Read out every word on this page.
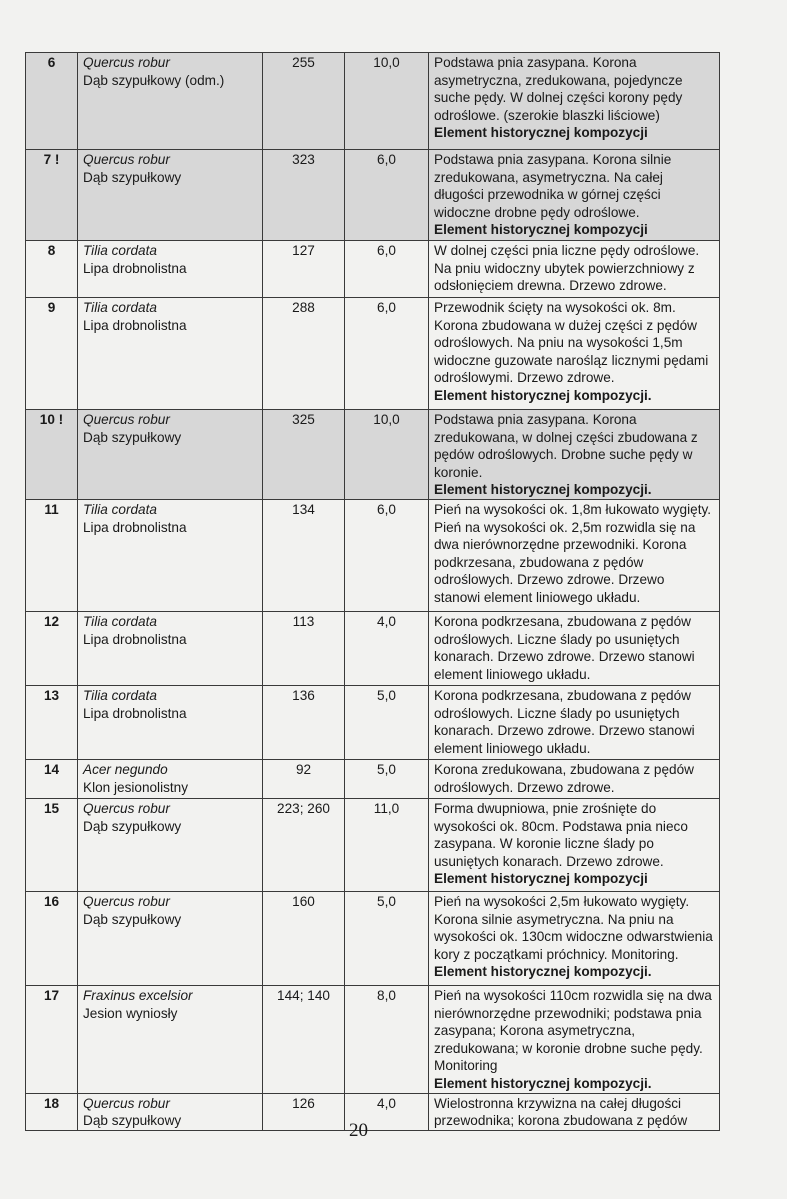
6	Quercus robur
Dąb szypułkowy (odm.)	255	10,0	Podstawa pnia zasypana. Korona asymetryczna, zredukowana, pojedyncze suche pędy. W dolnej części korony pędy odroślowe. (szerokie blaszki liściowe)
Element historycznej kompozycji

7 !	Quercus robur
Dąb szypułkowy	323	6,0	Podstawa pnia zasypana. Korona silnie zredukowana, asymetryczna. Na całej długości przewodnika w górnej części widoczne drobne pędy odroślowe.
Element historycznej kompozycji

8	Tilia cordata
Lipa drobnolistna	127	6,0	W dolnej części pnia liczne pędy odroślowe. Na pniu widoczny ubytek powierzchniowy z odsłonięciem drewna. Drzewo zdrowe.

9	Tilia cordata
Lipa drobnolistna	288	6,0	Przewodnik ścięty na wysokości ok. 8m. Korona zbudowana w dużej części z pędów odroślowych. Na pniu na wysokości 1,5m widoczne guzowate narośląz licznymi pędami odroślowymi. Drzewo zdrowe.
Element historycznej kompozycji.

10 !	Quercus robur
Dąb szypułkowy	325	10,0	Podstawa pnia zasypana. Korona zredukowana, w dolnej części zbudowana z pędów odroślowych. Drobne suche pędy w koronie.
Element historycznej kompozycji.

11	Tilia cordata
Lipa drobnolistna	134	6,0	Pień na wysokości ok. 1,8m łukowato wygięty. Pień na wysokości ok. 2,5m rozwidla się na dwa nierównorzędne przewodniki. Korona podkrzesana, zbudowana z pędów odroślowych. Drzewo zdrowe. Drzewo stanowi element liniowego układu.

12	Tilia cordata
Lipa drobnolistna	113	4,0	Korona podkrzesana, zbudowana z pędów odroślowych. Liczne ślady po usuniętych konarach. Drzewo zdrowe. Drzewo stanowi element liniowego układu.

13	Tilia cordata
Lipa drobnolistna	136	5,0	Korona podkrzesana, zbudowana z pędów odroślowych. Liczne ślady po usuniętych konarach. Drzewo zdrowe. Drzewo stanowi element liniowego układu.

14	Acer negundo
Klon jesionolistny	92	5,0	Korona zredukowana, zbudowana z pędów odroślowych. Drzewo zdrowe.

15	Quercus robur
Dąb szypułkowy	223; 260	11,0	Forma dwupniowa, pnie zrośnięte do wysokości ok. 80cm. Podstawa pnia nieco zasypana. W koronie liczne ślady po usuniętych konarach. Drzewo zdrowe.
Element historycznej kompozycji

16	Quercus robur
Dąb szypułkowy	160	5,0	Pień na wysokości 2,5m łukowato wygięty. Korona silnie asymetryczna. Na pniu na wysokości ok. 130cm widoczne odwarstwienia kory z początkami próchnicy. Monitoring.
Element historycznej kompozycji.

17	Fraxinus excelsior
Jesion wyniosły	144; 140	8,0	Pień na wysokości 110cm rozwidla się na dwa nierównorzędne przewodniki; podstawa pnia zasypana; Korona asymetryczna, zredukowana; w koronie drobne suche pędy. Monitoring
Element historycznej kompozycji.

18	Quercus robur
Dąb szypułkowy	126	4,0	Wielostronna krzywizna na całej długości przewodnika; korona zbudowana z pędów
20
